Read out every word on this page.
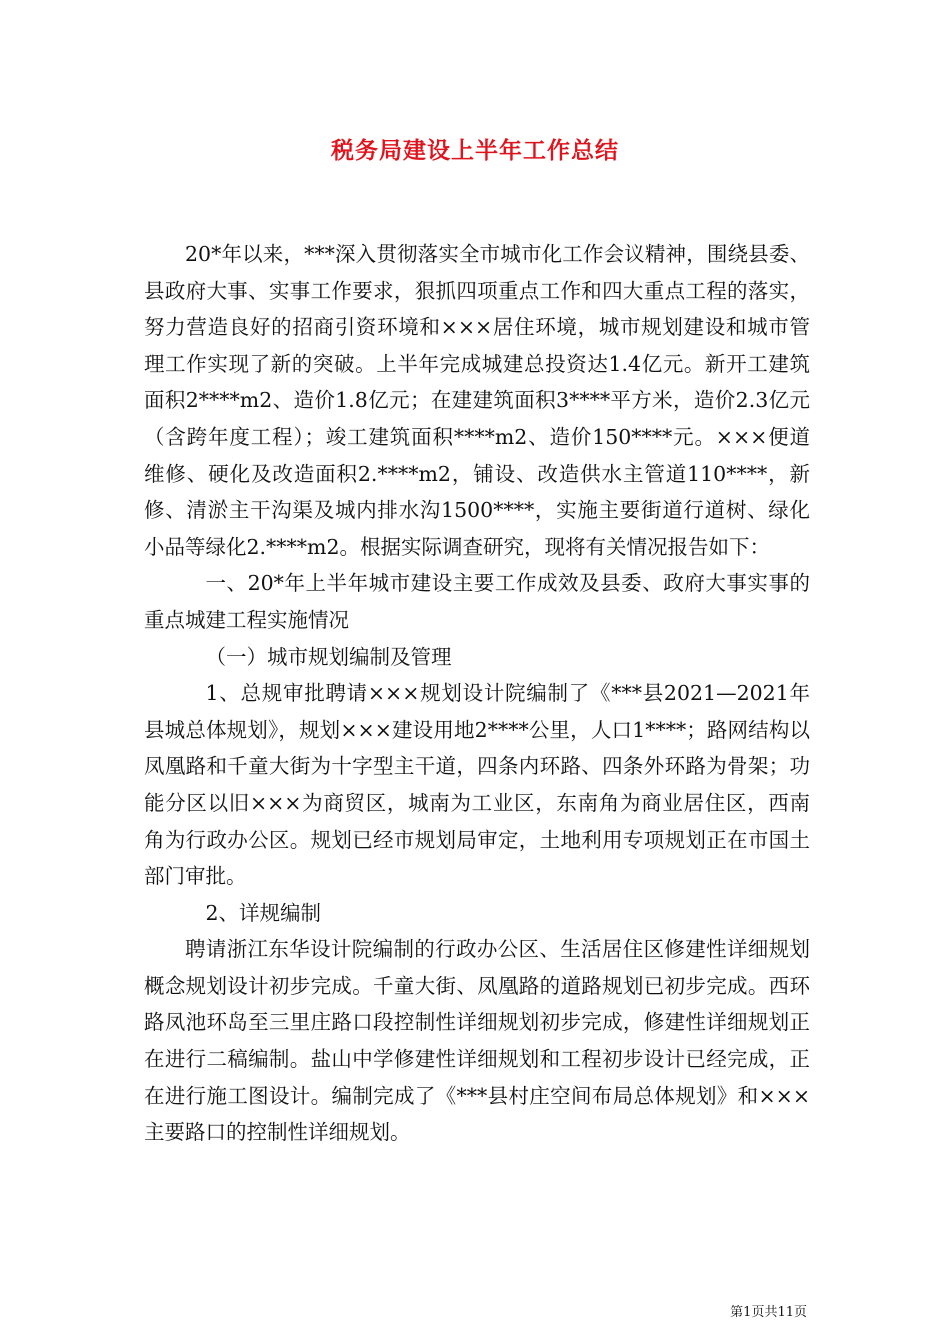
税务局建设上半年工作总结

20*年以来，***深入贯彻落实全市城市化工作会议精神，围绕县委、县政府大事、实事工作要求，狠抓四项重点工作和四大重点工程的落实，努力营造良好的招商引资环境和×××居住环境，城市规划建设和城市管理工作实现了新的突破。上半年完成城建总投资达1.4亿元。新开工建筑面积2****m2、造价1.8亿元；在建建筑面积3****平方米，造价2.3亿元（含跨年度工程）；竣工建筑面积****m2、造价150****元。×××便道维修、硬化及改造面积2.****m2，铺设、改造供水主管道110****，新修、清淤主干沟渠及城内排水沟1500****，实施主要街道行道树、绿化小品等绿化2.****m2。根据实际调查研究，现将有关情况报告如下：

一、20*年上半年城市建设主要工作成效及县委、政府大事实事的重点城建工程实施情况

（一）城市规划编制及管理

1、总规审批聘请×××规划设计院编制了《***县2021—2021年县城总体规划》，规划×××建设用地2****公里，人口1****；路网结构以凤凰路和千童大街为十字型主干道，四条内环路、四条外环路为骨架；功能分区以旧×××为商贸区，城南为工业区，东南角为商业居住区，西南角为行政办公区。规划已经市规划局审定，土地利用专项规划正在市国土部门审批。

2、详规编制

聘请浙江东华设计院编制的行政办公区、生活居住区修建性详细规划概念规划设计初步完成。千童大街、凤凰路的道路规划已初步完成。西环路凤池环岛至三里庄路口段控制性详细规划初步完成，修建性详细规划正在进行二稿编制。盐山中学修建性详细规划和工程初步设计已经完成，正在进行施工图设计。编制完成了《***县村庄空间布局总体规划》和×××主要路口的控制性详细规划。

第1页共11页
